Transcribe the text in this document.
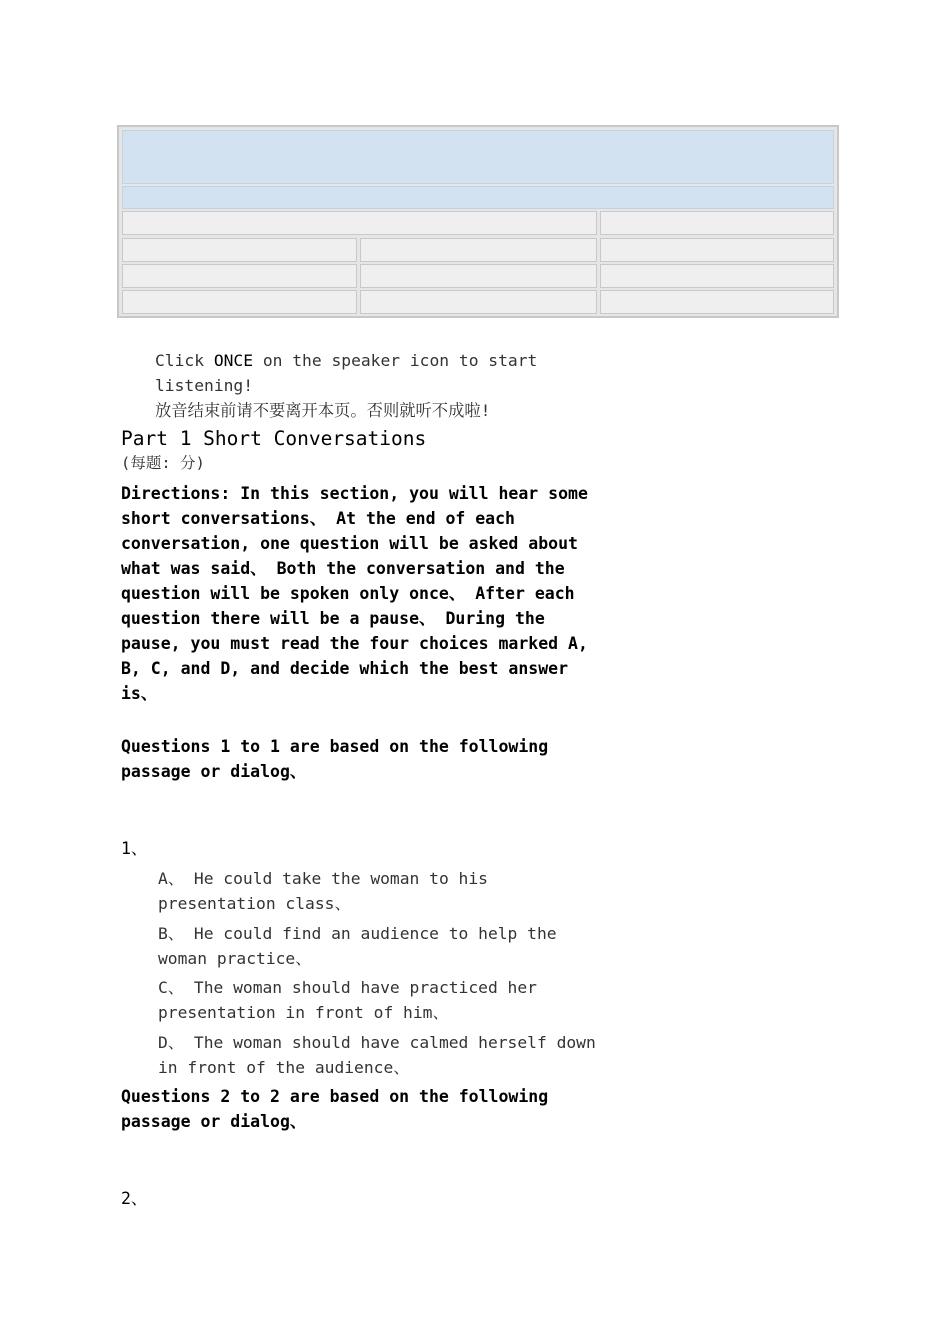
Click ONCE on the speaker icon to start
listening!
放音结束前请不要离开本页。否则就听不成啦!
Part 1 Short Conversations
(每题: 分)
Directions: In this section, you will hear some
short conversations、 At the end of each
conversation, one question will be asked about
what was said、 Both the conversation and the
question will be spoken only once、 After each
question there will be a pause、 During the
pause, you must read the four choices marked A,
B, C, and D, and decide which the best answer
is、
Questions 1 to 1 are based on the following
passage or dialog、
1、
A、 He could take the woman to his
presentation class、
B、 He could find an audience to help the
woman practice、
C、 The woman should have practiced her
presentation in front of him、
D、 The woman should have calmed herself down
in front of the audience、
Questions 2 to 2 are based on the following
passage or dialog、
2、
